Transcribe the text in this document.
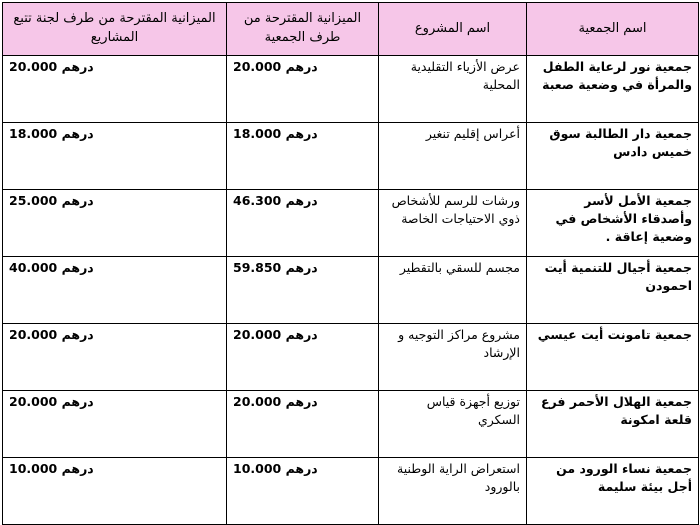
اسم الجمعية	اسم المشروع	الميزانية المقترحة من طرف الجمعية	الميزانية المقترحة من طرف لجنة تتبع المشاريع
جمعية نور لرعاية الطفل والمرأة في وضعية صعبة	عرض الأزياء التقليدية المحلية	درهم 20.000	درهم 20.000
جمعية دار الطالبة سوق خميس دادس	أعراس إقليم تنغير	درهم 18.000	درهم 18.000
جمعية الأمل لأسر وأصدقاء الأشخاص في وضعية إعاقة .	ورشات للرسم للأشخاص ذوي الاحتياجات الخاصة	درهم 46.300	درهم 25.000
جمعية أجيال للتنمية أيت احمودن	مجسم للسقي بالتقطير	درهم 59.850	درهم 40.000
جمعية تامونت أيت عيسي	مشروع مراكز التوجيه و الإرشاد	درهم 20.000	درهم 20.000
جمعية الهلال الأحمر فرع قلعة امكونة	توزيع أجهزة قياس السكري	درهم 20.000	درهم 20.000
جمعية نساء الورود من أجل بيئة سليمة	استعراض الراية الوطنية بالورود	درهم 10.000	درهم 10.000
